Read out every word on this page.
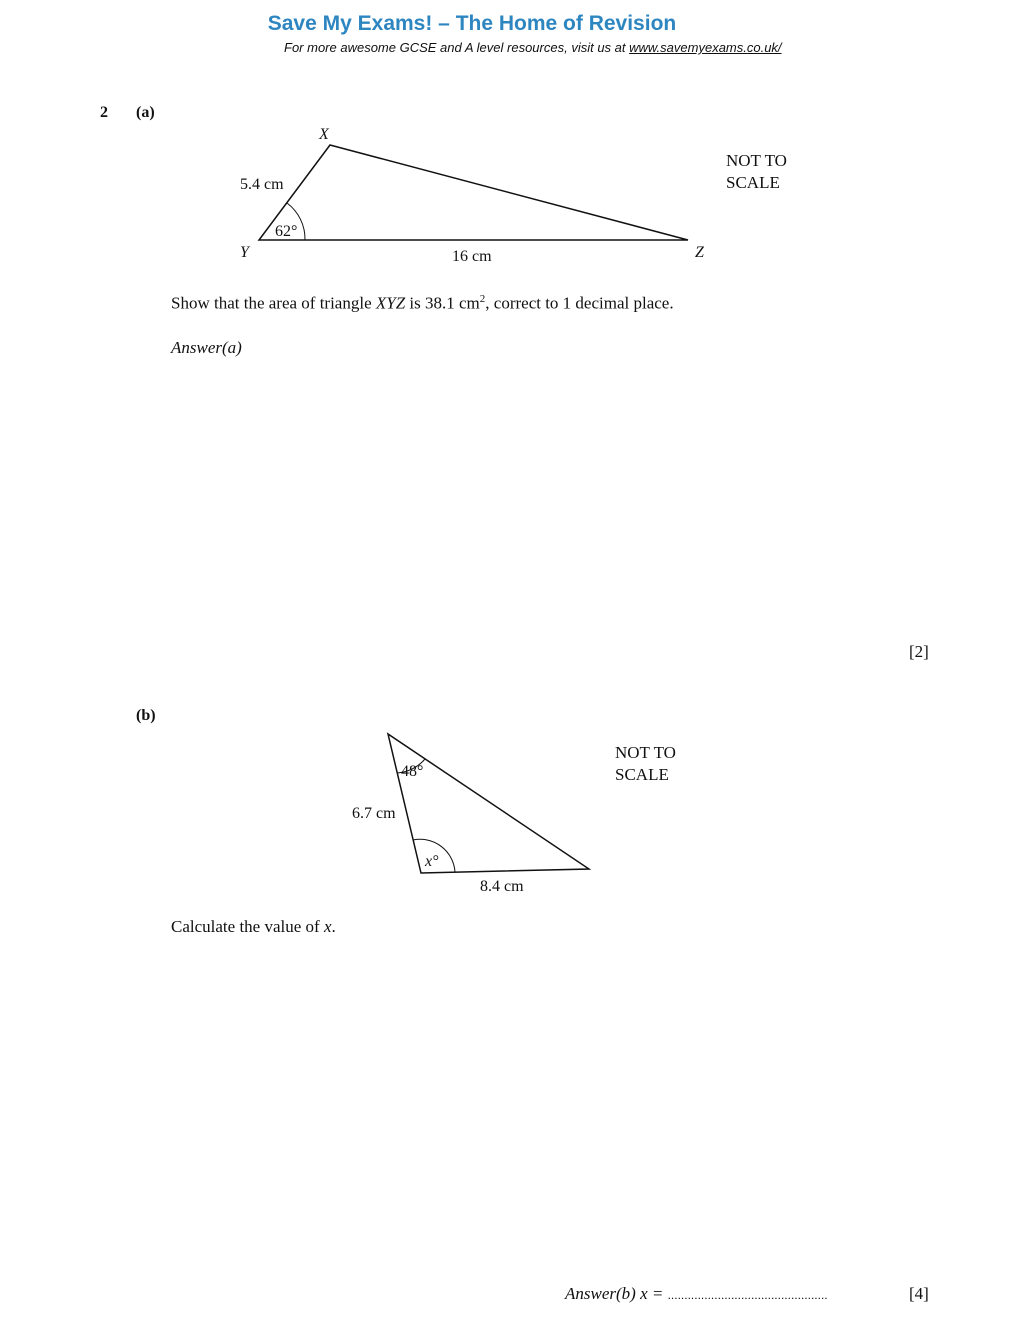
Save My Exams! – The Home of Revision
For more awesome GCSE and A level resources, visit us at www.savemyexams.co.uk/
2 (a)
X
Y	Z
5.4 cm
16 cm
62°
NOT TO
SCALE
Show that the area of triangle XYZ is 38.1 $cm^2$, correct to 1 decimal place.
Answer(a)
[2]
(b)
48°
x°
6.7 cm
8.4 cm
NOT TO
SCALE
Calculate the value of x.
Answer(b) x = ................................................	[4]
